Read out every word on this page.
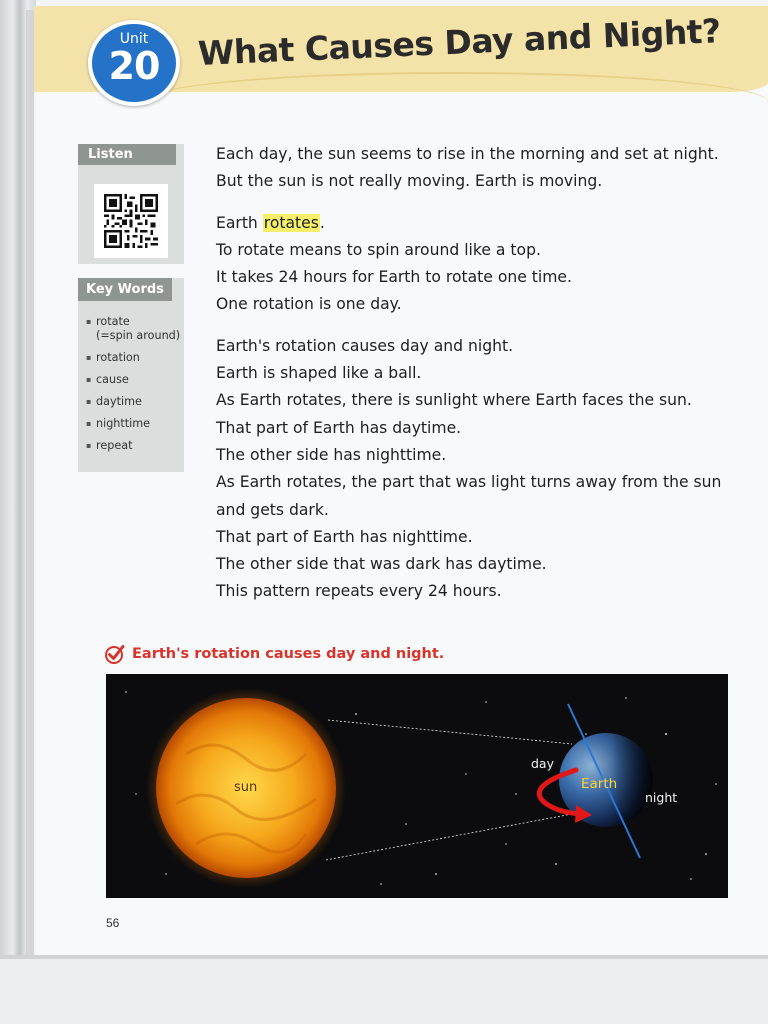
Unit
20	What Causes Day and Night?
Listen
Key Words
▪ rotate
(=spin around)
▪ rotation
▪ cause
▪ daytime
▪ nighttime
▪ repeat

Each day, the sun seems to rise in the morning and set at night.

But the sun is not really moving. Earth is moving.

Earth rotates.

To rotate means to spin around like a top.

It takes 24 hours for Earth to rotate one time.

One rotation is one day.

Earth's rotation causes day and night.

Earth is shaped like a ball.

As Earth rotates, there is sunlight where Earth faces the sun.

That part of Earth has daytime.

The other side has nighttime.

As Earth rotates, the part that was light turns away from the sun

and gets dark.

That part of Earth has nighttime.

The other side that was dark has daytime.

This pattern repeats every 24 hours.

Earth's rotation causes day and night.
sun
day
Earth
night
56
